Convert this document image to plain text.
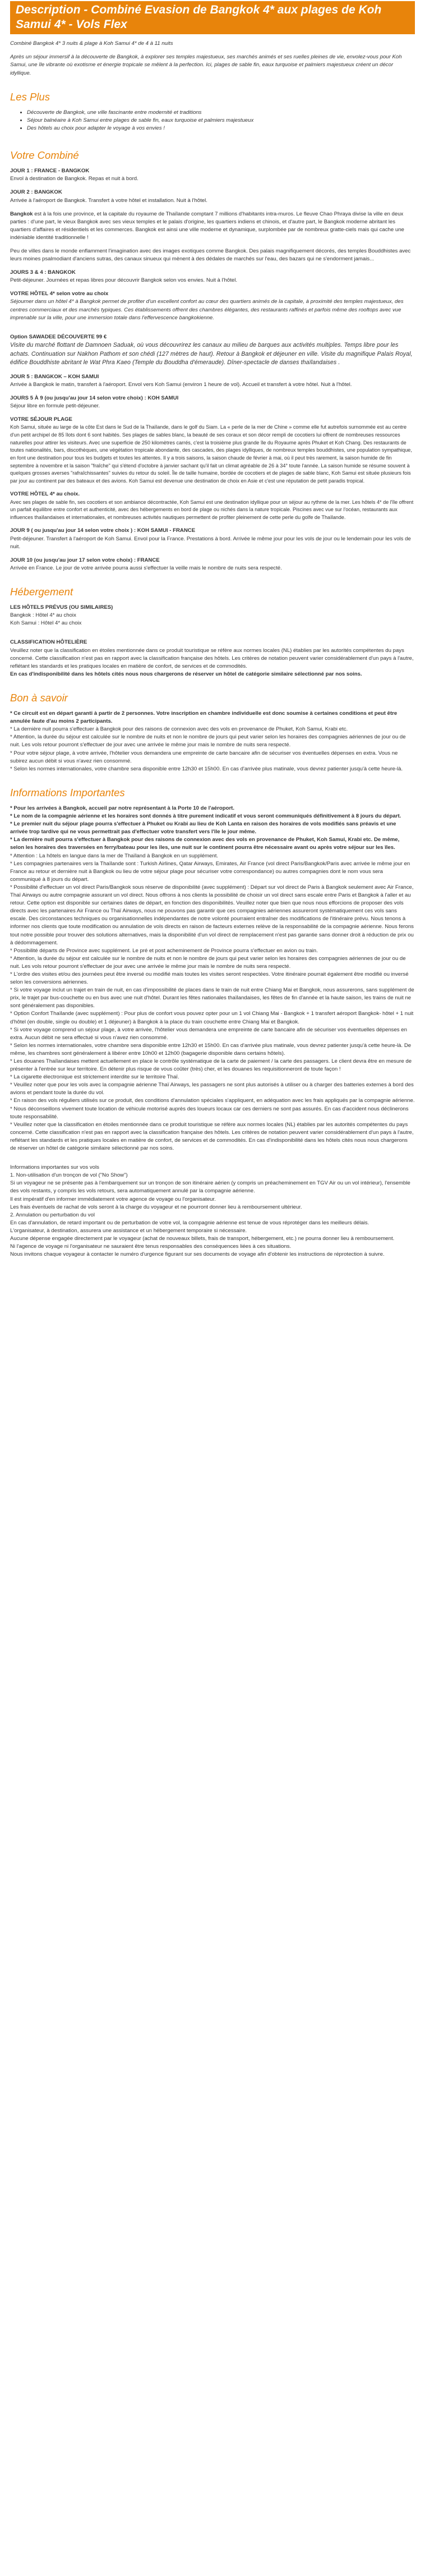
Description - Combiné Evasion de Bangkok 4* aux plages de Koh Samui 4* - Vols Flex

Combiné Bangkok 4* 3 nuits & plage à Koh Samui 4* de 4 à 11 nuits

Après un séjour immersif à la découverte de Bangkok, à explorer ses temples majestueux, ses marchés animés et ses ruelles pleines de vie, envolez-vous pour Koh Samui, une île vibrante où exotisme et énergie tropicale se mêlent à la perfection. Ici, plages de sable fin, eaux turquoise et palmiers majestueux créent un décor idyllique.

Les Plus
• Découverte de Bangkok, une ville fascinante entre modernité et traditions
• Séjour balnéaire à Koh Samui entre plages de sable fin, eaux turquoise et palmiers majestueux
• Des hôtels au choix pour adapter le voyage à vos envies !
Votre Combiné

JOUR 1 : FRANCE - BANGKOK

Envol à destination de Bangkok. Repas et nuit à bord.

JOUR 2 : BANGKOK

Arrivée à l'aéroport de Bangkok. Transfert à votre hôtel et installation. Nuit à l'hôtel.

Bangkok est à la fois une province, et la capitale du royaume de Thaïlande comptant 7 millions d'habitants intra-muros. Le fleuve Chao Phraya divise la ville en deux parties : d'une part, le vieux Bangkok avec ses vieux temples et le palais d'origine, les quartiers indiens et chinois, et d'autre part, le Bangkok moderne abritant les quartiers d'affaires et résidentiels et les commerces. Bangkok est ainsi une ville moderne et dynamique, surplombée par de nombreux gratte-ciels mais qui cache une indéniable identité traditionnelle !

Peu de villes dans le monde enflamment l'imagination avec des images exotiques comme Bangkok. Des palais magnifiquement décorés, des temples Bouddhistes avec leurs moines psalmodiant d'anciens sutras, des canaux sinueux qui mènent à des dédales de marchés sur l'eau, des bazars qui ne s'endorment jamais...

JOURS 3 & 4 : BANGKOK

Petit-déjeuner. Journées et repas libres pour découvrir Bangkok selon vos envies. Nuit à l'hôtel.

VOTRE HÔTEL 4* selon votre au choix

Séjourner dans un hôtel 4* à Bangkok permet de profiter d'un excellent confort au cœur des quartiers animés de la capitale, à proximité des temples majestueux, des centres commerciaux et des marchés typiques. Ces établissements offrent des chambres élégantes, des restaurants raffinés et parfois même des rooftops avec vue imprenable sur la ville, pour une immersion totale dans l'effervescence bangkokienne.

Option SAWADEE DÉCOUVERTE 99 €

Visite du marché flottant de Damnoen Saduak, où vous découvrirez les canaux au milieu de barques aux activités multiples. Temps libre pour les achats. Continuation sur Nakhon Pathom et son chédi (127 mètres de haut). Retour à Bangkok et déjeuner en ville. Visite du magnifique Palais Royal, édifice Bouddhiste abritant le Wat Phra Kaeo (Temple du Bouddha d'émeraude). Dîner-spectacle de danses thaïlandaises .

JOUR 5 : BANGKOK – KOH SAMUI

Arrivée à Bangkok le matin, transfert à l'aéroport. Envol vers Koh Samui (environ 1 heure de vol). Accueil et transfert à votre hôtel. Nuit à l'hôtel.

JOURS 5 À 9 (ou jusqu'au jour 14 selon votre choix) : KOH SAMUI

Séjour libre en formule petit-déjeuner.

VOTRE SÉJOUR PLAGE

Koh Samui, située au large de la côte Est dans le Sud de la Thaïlande, dans le golf du Siam. La « perle de la mer de Chine » comme elle fut autrefois surnommée est au centre d'un petit archipel de 85 îlots dont 6 sont habités. Ses plages de sables blanc, la beauté de ses coraux et son décor rempli de cocotiers lui offrent de nombreuses ressources naturelles pour attirer les visiteurs. Avec une superficie de 250 kilomètres carrés, c'est la troisième plus grande île du Royaume après Phuket et Koh Chang. Des restaurants de toutes nationalités, bars, discothèques, une végétation tropicale abondante, des cascades, des plages idylliques, de nombreux temples bouddhistes, une population sympathique, en font une destination pour tous les budgets et toutes les attentes. Il y a trois saisons, la saison chaude de février à mai, où il peut très rarement, la saison humide de fin septembre à novembre et la saison "fraîche" qui s'étend d'octobre à janvier sachant qu'il fait un climat agréable de 26 à 34° toute l'année. La saison humide se résume souvent à quelques grosses averses "rafraîchissantes" suivies du retour du soleil. Île de taille humaine, bordée de cocotiers et de plages de sable blanc, Koh Samui est située plusieurs fois par jour au continent par des bateaux et des avions. Koh Samui est devenue une destination de choix en Asie et c'est une réputation de petit paradis tropical.

VOTRE HÔTEL 4* au choix.

Avec ses plages de sable fin, ses cocotiers et son ambiance décontractée, Koh Samui est une destination idyllique pour un séjour au rythme de la mer. Les hôtels 4* de l'île offrent un parfait équilibre entre confort et authenticité, avec des hébergements en bord de plage ou nichés dans la nature tropicale. Piscines avec vue sur l'océan, restaurants aux influences thaïlandaises et internationales, et nombreuses activités nautiques permettent de profiter pleinement de cette perle du golfe de Thaïlande.

JOUR 9 ( ou jusqu'au jour 14 selon votre choix ) : KOH SAMUI - FRANCE

Petit-déjeuner. Transfert à l'aéroport de Koh Samui. Envol pour la France. Prestations à bord. Arrivée le même jour pour les vols de jour ou le lendemain pour les vols de nuit.

JOUR 10 (ou jusqu'au jour 17 selon votre choix) : FRANCE

Arrivée en France. Le jour de votre arrivée pourra aussi s'effectuer la veille mais le nombre de nuits sera respecté.

Hébergement

LES HÔTELS PRÉVUS (OU SIMILAIRES)

Bangkok : Hôtel 4* au choix

Koh Samui : Hôtel 4* au choix

CLASSIFICATION HÔTELIÈRE

Veuillez noter que la classification en étoiles mentionnée dans ce produit touristique se réfère aux normes locales (NL) établies par les autorités compétentes du pays concerné. Cette classification n'est pas en rapport avec la classification française des hôtels. Les critères de notation peuvent varier considérablement d'un pays à l'autre, reflétant les standards et les pratiques locales en matière de confort, de services et de commodités.
En cas d'indisponibilité dans les hôtels cités nous nous chargerons de réserver un hôtel de catégorie similaire sélectionné par nos soins.

Bon à savoir

* Ce circuit est en départ garanti à partir de 2 personnes. Votre inscription en chambre individuelle est donc soumise à certaines conditions et peut être annulée faute d'au moins 2 participants.

* La dernière nuit pourra s'effectuer à Bangkok pour des raisons de connexion avec des vols en provenance de Phuket, Koh Samui, Krabi etc.

* Attention, la durée du séjour est calculée sur le nombre de nuits et non le nombre de jours qui peut varier selon les horaires des compagnies aériennes de jour ou de nuit. Les vols retour pourront s'effectuer de jour avec une arrivée le même jour mais le nombre de nuits sera respecté.

* Pour votre séjour plage, à votre arrivée, l'hôtelier vous demandera une empreinte de carte bancaire afin de sécuriser vos éventuelles dépenses en extra. Vous ne subirez aucun débit si vous n'avez rien consommé.

* Selon les normes internationales, votre chambre sera disponible entre 12h30 et 15h00. En cas d'arrivée plus matinale, vous devrez patienter jusqu'à cette heure-là.

Informations Importantes

* Pour les arrivées à Bangkok, accueil par notre représentant à la Porte 10 de l'aéroport.

* Le nom de la compagnie aérienne et les horaires sont donnés à titre purement indicatif et vous seront communiqués définitivement à 8 jours du départ.

* Le premier nuit du séjour plage pourra s'effectuer à Phuket ou Krabi au lieu de Koh Lanta en raison des horaires de vols modifiés sans préavis et une arrivée trop tardive qui ne vous permettrait pas d'effectuer votre transfert vers l'île le jour même.

* La dernière nuit pourra s'effectuer à Bangkok pour des raisons de connexion avec des vols en provenance de Phuket, Koh Samui, Krabi etc. De même, selon les horaires des traversées en ferry/bateau pour les îles, une nuit sur le continent pourra être nécessaire avant ou après votre séjour sur les îles.

* Attention : La hôtels en langue dans la mer de Thaïland à Bangkok en un supplément.

* Les compagnies partenaires vers la Thaïlande sont : Turkish Airlines, Qatar Airways, Emirates, Air France (vol direct Paris/Bangkok/Paris avec arrivée le même jour en France au retour et dernière nuit à Bangkok ou lieu de votre séjour plage pour sécuriser votre correspondance) ou autres compagnies dont le nom vous sera communiqué à 8 jours du départ.

* Possibilité d'effectuer un vol direct Paris/Bangkok sous réserve de disponibilité (avec supplément) : Départ sur vol direct de Paris à Bangkok seulement avec Air France, Thaï Airways ou autre compagnie assurant un vol direct. Nous offrons à nos clients la possibilité de choisir un vol direct sans escale entre Paris et Bangkok à l'aller et au retour. Cette option est disponible sur certaines dates de départ, en fonction des disponibilités. Veuillez noter que bien que nous nous efforcions de proposer des vols directs avec les partenaires Air France ou Thaï Airways, nous ne pouvons pas garantir que ces compagnies aériennes assureront systématiquement ces vols sans escale. Des circonstances techniques ou organisationnelles indépendantes de notre volonté pourraient entraîner des modifications de l'itinéraire prévu. Nous tenons à informer nos clients que toute modification ou annulation de vols directs en raison de facteurs externes relève de la responsabilité de la compagnie aérienne. Nous ferons tout notre possible pour trouver des solutions alternatives, mais la disponibilité d'un vol direct de remplacement n'est pas garantie sans donner droit à réduction de prix ou à dédommagement.

* Possibilité départs de Province avec supplément. Le pré et post acheminement de Province pourra s'effectuer en avion ou train.

* Attention, la durée du séjour est calculée sur le nombre de nuits et non le nombre de jours qui peut varier selon les horaires des compagnies aériennes de jour ou de nuit. Les vols retour pourront s'effectuer de jour avec une arrivée le même jour mais le nombre de nuits sera respecté.

* L'ordre des visites et/ou des journées peut être inversé ou modifié mais toutes les visites seront respectées. Votre itinéraire pourrait également être modifié ou inversé selon les conversions aériennes.

* Si votre voyage inclut un trajet en train de nuit, en cas d'impossibilité de places dans le train de nuit entre Chiang Mai et Bangkok, nous assurerons, sans supplément de prix, le trajet par bus-couchette ou en bus avec une nuit d'hôtel. Durant les fêtes nationales thaïlandaises, les fêtes de fin d'année et la haute saison, les trains de nuit ne sont généralement pas disponibles.

* Option Confort Thaïlande (avec supplément) : Pour plus de confort vous pouvez opter pour un 1 vol Chiang Mai - Bangkok + 1 transfert aéroport Bangkok- hôtel + 1 nuit d'hôtel (en double, single ou double) et 1 déjeuner) à Bangkok à la place du train couchette entre Chiang Mai et Bangkok.

* Si votre voyage comprend un séjour plage, à votre arrivée, l'hôtelier vous demandera une empreinte de carte bancaire afin de sécuriser vos éventuelles dépenses en extra. Aucun débit ne sera effectué si vous n'avez rien consommé.

* Selon les normes internationales, votre chambre sera disponible entre 12h30 et 15h00. En cas d'arrivée plus matinale, vous devrez patienter jusqu'à cette heure-là. De même, les chambres sont généralement à libérer entre 10h00 et 12h00 (bagagerie disponible dans certains hôtels).

* Les douanes Thaïlandaises mettent actuellement en place le contrôle systématique de la carte de paiement / la carte des passagers. Le client devra être en mesure de présenter à l'entrée sur leur territoire. En détenir plus risque de vous coûter (très) cher, et les douanes les requisitionneront de toute façon !

* La cigarette électronique est strictement interdite sur le territoire Thaï.

* Veuillez noter que pour les vols avec la compagnie aérienne Thaï Airways, les passagers ne sont plus autorisés à utiliser ou à charger des batteries externes à bord des avions et pendant toute la durée du vol.

* En raison des vols réguliers utilisés sur ce produit, des conditions d'annulation spéciales s'appliquent, en adéquation avec les frais appliqués par la compagnie aérienne.

* Nous déconseillons vivement toute location de véhicule motorisé auprès des loueurs locaux car ces derniers ne sont pas assurés. En cas d'accident nous déclinerons toute responsabilité.

* Veuillez noter que la classification en étoiles mentionnée dans ce produit touristique se réfère aux normes locales (NL) établies par les autorités compétentes du pays concerné. Cette classification n'est pas en rapport avec la classification française des hôtels. Les critères de notation peuvent varier considérablement d'un pays à l'autre, reflétant les standards et les pratiques locales en matière de confort, de services et de commodités. En cas d'indisponibilité dans les hôtels cités nous nous chargerons de réserver un hôtel de catégorie similaire sélectionné par nos soins.

Informations importantes sur vos vols

1. Non-utilisation d'un tronçon de vol ("No Show")

Si un voyageur ne se présente pas à l'embarquement sur un tronçon de son itinéraire aérien (y compris un préacheminement en TGV Air ou un vol intérieur), l'ensemble des vols restants, y compris les vols retours, sera automatiquement annulé par la compagnie aérienne.

Il est impératif d'en informer immédiatement votre agence de voyage ou l'organisateur.

Les frais éventuels de rachat de vols seront à la charge du voyageur et ne pourront donner lieu à remboursement ultérieur.

2. Annulation ou perturbation du vol

En cas d'annulation, de retard important ou de perturbation de votre vol, la compagnie aérienne est tenue de vous réprotéger dans les meilleurs délais.

L'organisateur, à destination, assurera une assistance et un hébergement temporaire si nécessaire.

Aucune dépense engagée directement par le voyageur (achat de nouveaux billets, frais de transport, hébergement, etc.) ne pourra donner lieu à remboursement.

Ni l'agence de voyage ni l'organisateur ne sauraient être tenus responsables des conséquences liées à ces situations.

Nous invitons chaque voyageur à contacter le numéro d'urgence figurant sur ses documents de voyage afin d'obtenir les instructions de réprotection à suivre.
